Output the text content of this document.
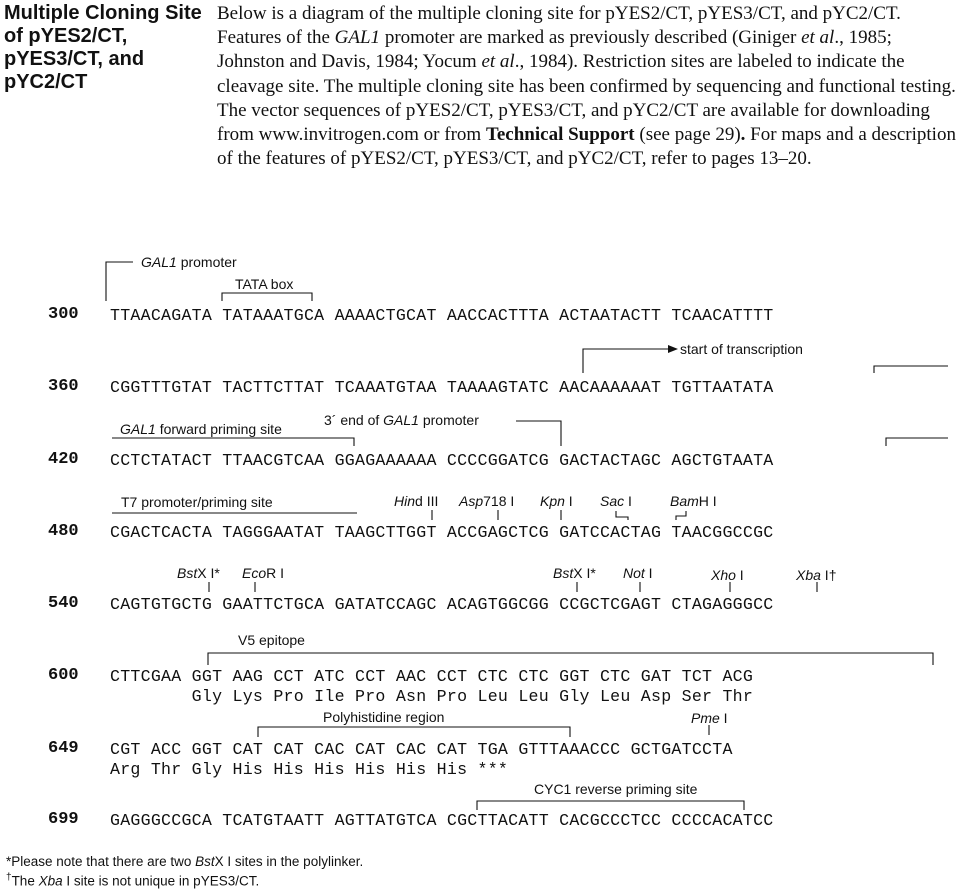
Multiple Cloning Site of pYES2/CT, pYES3/CT, and pYC2/CT
Below is a diagram of the multiple cloning site for pYES2/CT, pYES3/CT, and pYC2/CT. Features of the GAL1 promoter are marked as previously described (Giniger et al., 1985; Johnston and Davis, 1984; Yocum et al., 1984). Restriction sites are labeled to indicate the cleavage site. The multiple cloning site has been confirmed by sequencing and functional testing. The vector sequences of pYES2/CT, pYES3/CT, and pYC2/CT are available for downloading from www.invitrogen.com or from Technical Support (see page 29). For maps and a description of the features of pYES2/CT, pYES3/CT, and pYC2/CT, refer to pages 13–20.
GAL1 promoter
TATA box
start of transcription
GAL1 forward priming site
3´ end of GAL1 promoter
T7 promoter/priming site	Hind III Asp718 I Kpn I Sac I	BamH I
BstX I* EcoR I	BstX I* Not I	Xho I	Xba I†
V5 epitope
Polyhistidine region	Pme I
CYC1 reverse priming site
300 TTAACAGATA TATAAATGCA AAAACTGCAT AACCACTTTA ACTAATACTT TCAACATTTT
360 CGGTTTGTAT TACTTCTTAT TCAAATGTAA TAAAAGTATC AACAAAAAAT TGTTAATATA
420 CCTCTATACT TTAACGTCAA GGAGAAAAAA CCCCGGATCG GACTACTAGC AGCTGTAATA
480 CGACTCACTA TAGGGAATAT TAAGCTTGGT ACCGAGCTCG GATCCACTAG TAACGGCCGC
540 CAGTGTGCTG GAATTCTGCA GATATCCAGC ACAGTGGCGG CCGCTCGAGT CTAGAGGGCC
600 CTTCGAA GGT AAG CCT ATC CCT AAC CCT CTC CTC GGT CTC GAT TCT ACG
Gly Lys Pro Ile Pro Asn Pro Leu Leu Gly Leu Asp Ser Thr
649 CGT ACC GGT CAT CAT CAC CAT CAC CAT TGA GTTTAAACCC GCTGATCCTA
Arg Thr Gly His His His His His His ***
699 GAGGGCCGCA TCATGTAATT AGTTATGTCA CGCTTACATT CACGCCCTCC CCCCACATCC
*Please note that there are two BstX I sites in the polylinker.
†The Xba I site is not unique in pYES3/CT.
